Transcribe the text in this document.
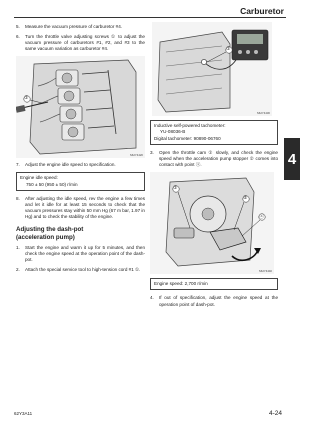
Carburetor
4
5.	Measure the vacuum pressure of carburetor #4.
6.	Turn the throttle valve adjusting screws ① to adjust the vacuum pressure of carburetors #1, #2, and #3 to the same vacuum variation as carburetor #4.
①
S62Y4420
7.	Adjust the engine idle speed to specification.
Engine idle speed:
750 ± 50 (950 ± 50) r/min
8.	After adjusting the idle speed, rev the engine a few times and let it idle for at least 15 seconds to check that the vacuum pressures stay within 50 mm Hg (67 m bar, 1.97 in Hg) and to check the stability of the engine.
Adjusting the dash-pot
(acceleration pump)
1.	Start the engine and warm it up for 5 minutes, and then check the engine speed at the operation point of the dash-pot.
2.	Attach the special service tool to high-tension cord #1 ①.
①
S62Y4430
Inductive self-powered tachometer:
YU-08036-B
Digital tachometer: 90890-06760
3.	Open the throttle cam ① slowly, and check the engine speed when the acceleration pump stopper ② comes into contact with point ⓐ.
①
②
ⓐ
S62Y4440
Engine speed: 2,700 r/min
4.	If out of specification, adjust the engine speed at the operation point of dash-pot.
62Y3A11	4-24
